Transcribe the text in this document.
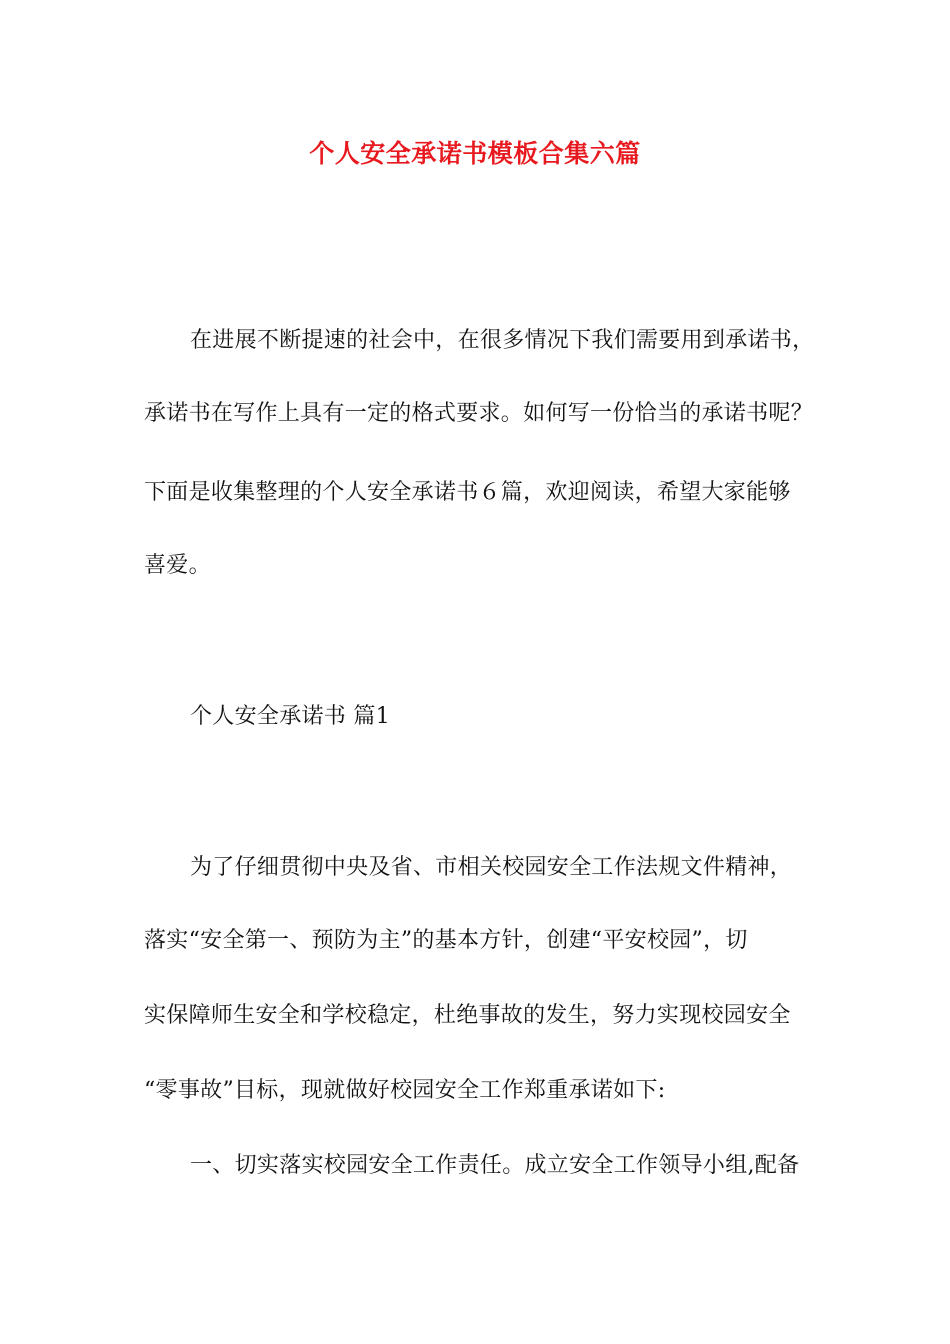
个人安全承诺书模板合集六篇
在进展不断提速的社会中，在很多情况下我们需要用到承诺书，
承诺书在写作上具有一定的格式要求。如何写一份恰当的承诺书呢？
下面是收集整理的个人安全承诺书６篇，欢迎阅读，希望大家能够
喜爱。
个人安全承诺书 篇1
为了仔细贯彻中央及省、市相关校园安全工作法规文件精神，
落实“安全第一、预防为主”的基本方针，创建“平安校园”，切
实保障师生安全和学校稳定，杜绝事故的发生，努力实现校园安全
“零事故”目标，现就做好校园安全工作郑重承诺如下:
一、切实落实校园安全工作责任。成立安全工作领导小组,配备
